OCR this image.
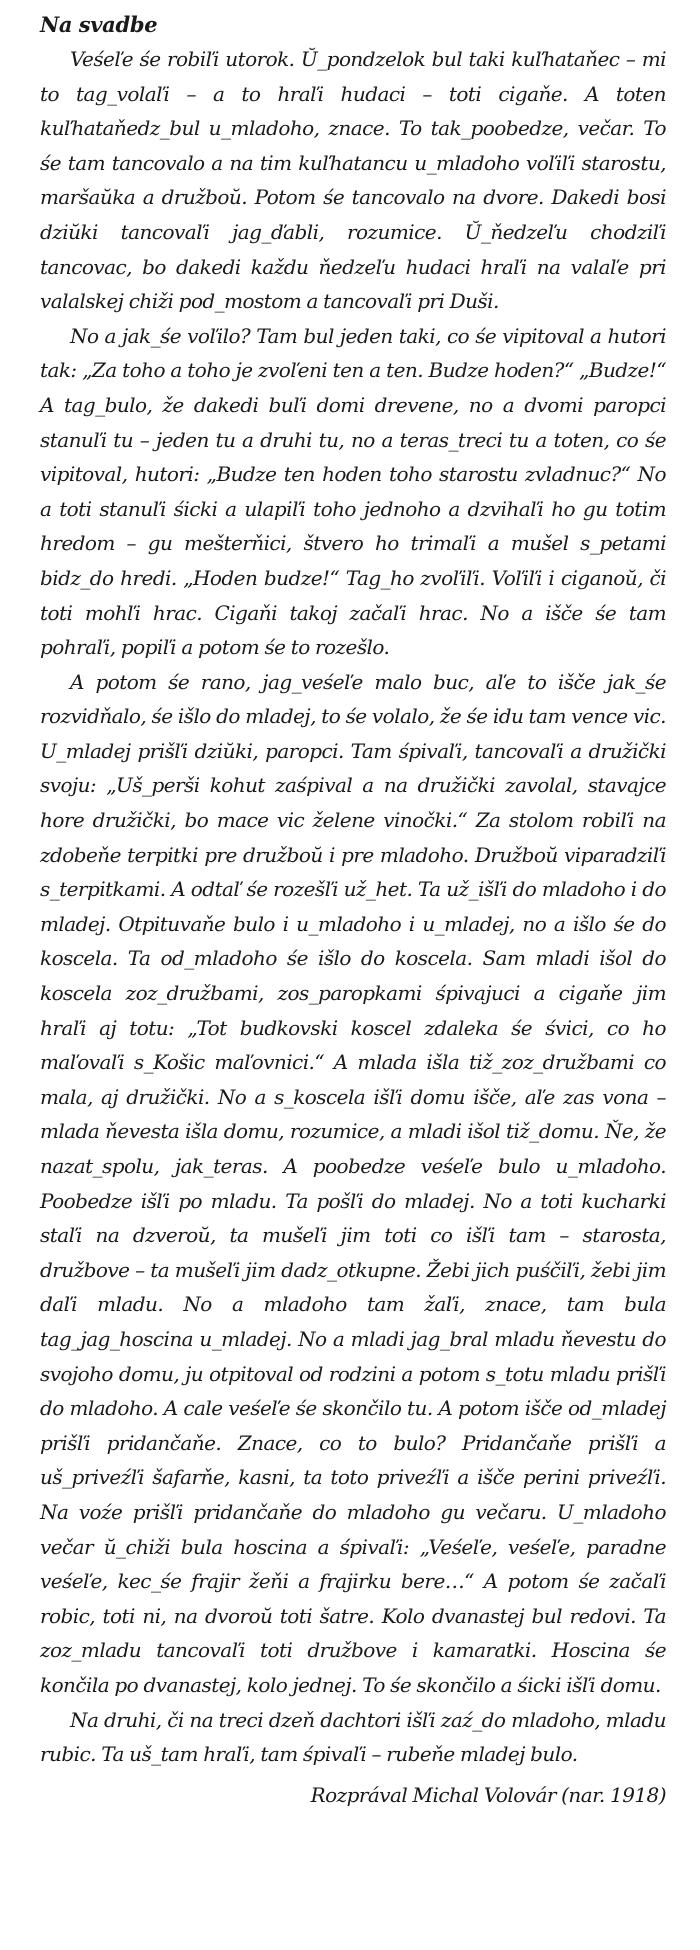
Na svadbe

Veśeľe śe robiľi utorok. Ŭ_pondzelok bul taki kuľhataňec – mi to tag_volaľi – a to hraľi hudaci – toti cigaňe. A toten kuľhataňedz_bul u_mladoho, znace. To tak_poobedze, večar. To śe tam tancovalo a na tim kuľhatancu u_mladoho voľiľi starostu, maršaŭka a družboŭ. Potom śe tancovalo na dvore. Dakedi bosi dziŭki tancovaľi jag_ďabli, rozumice. Ŭ_ňedzeľu chodziľi tancovac, bo dakedi každu ňedzeľu hudaci hraľi na valaľe pri valalskej chiži pod_mostom a tancovaľi pri Duši.

No a jak_śe voľilo? Tam bul jeden taki, co śe vipitoval a hutori tak: „Za toho a toho je zvoľeni ten a ten. Budze hoden?“ „Budze!“ A tag_bulo, že dakedi buľi domi drevene, no a dvomi paropci stanuľi tu – jeden tu a druhi tu, no a teras_treci tu a toten, co śe vipitoval, hutori: „Budze ten hoden toho starostu zvladnuc?“ No a toti stanuľi śicki a ulapiľi toho jednoho a dzvihaľi ho gu totim hredom – gu mešterňici, štvero ho trimaľi a mušel s_petami bidz_do hredi. „Hoden budze!“ Tag_ho zvoľiľi. Voľiľi i ciganoŭ, či toti mohľi hrac. Cigaňi takoj začaľi hrac. No a išče śe tam pohraľi, popiľi a potom śe to rozešlo.

A potom śe rano, jag_veśeľe malo buc, aľe to išče jak_śe rozvidňalo, śe išlo do mladej, to śe volalo, že śe idu tam vence vic. U_mladej prišľi dziŭki, paropci. Tam śpivaľi, tancovaľi a družički svoju: „Uš_perši kohut zaśpival a na družički zavolal, stavajce hore družički, bo mace vic želene vinočki.“ Za stolom robiľi na zdobeňe terpitki pre družboŭ i pre mladoho. Družboŭ viparadziľi s_terpitkami. A odtaľ śe rozešľi už_het. Ta už_išľi do mladoho i do mladej. Otpituvaňe bulo i u_mladoho i u_mladej, no a išlo śe do koscela. Ta od_mladoho śe išlo do koscela. Sam mladi išol do koscela zoz_družbami, zos_paropkami śpivajuci a cigaňe jim hraľi aj totu: „Tot budkovski koscel zdaleka śe śvici, co ho maľovaľi s_Košic maľovnici.“ A mlada išla tiž_zoz_družbami co mala, aj družički. No a s_koscela išľi domu išče, aľe zas vona – mlada ňevesta išla domu, rozumice, a mladi išol tiž_domu. Ňe, že nazat_spolu, jak_teras. A poobedze veśeľe bulo u_mladoho. Poobedze išľi po mladu. Ta pošľi do mladej. No a toti kucharki staľi na dzveroŭ, ta mušeľi jim toti co išľi tam – starosta, družbove – ta mušeľi jim dadz_otkupne. Žebi jich puśčiľi, žebi jim daľi mladu. No a mladoho tam žaľi, znace, tam bula tag_jag_hoscina u_mladej. No a mladi jag_bral mladu ňevestu do svojoho domu, ju otpitoval od rodzini a potom s_totu mladu prišľi do mladoho. A cale veśeľe śe skončilo tu. A potom išče od_mladej prišľi pridančaňe. Znace, co to bulo? Pridančaňe prišľi a uš_priveźľi šafarňe, kasni, ta toto priveźľi a išče perini priveźľi. Na voźe prišľi pridančaňe do mladoho gu večaru. U_mladoho večar ŭ_chiži bula hoscina a śpivaľi: „Veśeľe, veśeľe, paradne veśeľe, kec_śe frajir žeňi a frajirku bere…“ A potom śe začaľi robic, toti ni, na dvoroŭ toti šatre. Kolo dvanastej bul redovi. Ta zoz_mladu tancovaľi toti družbove i kamaratki. Hoscina śe končila po dvanastej, kolo jednej. To śe skončilo a śicki išľi domu.

Na druhi, či na treci dzeň dachtori išľi zaź_do mladoho, mladu rubic. Ta uš_tam hraľi, tam śpivaľi – rubeňe mladej bulo.

Rozprával Michal Volovár (nar. 1918)
